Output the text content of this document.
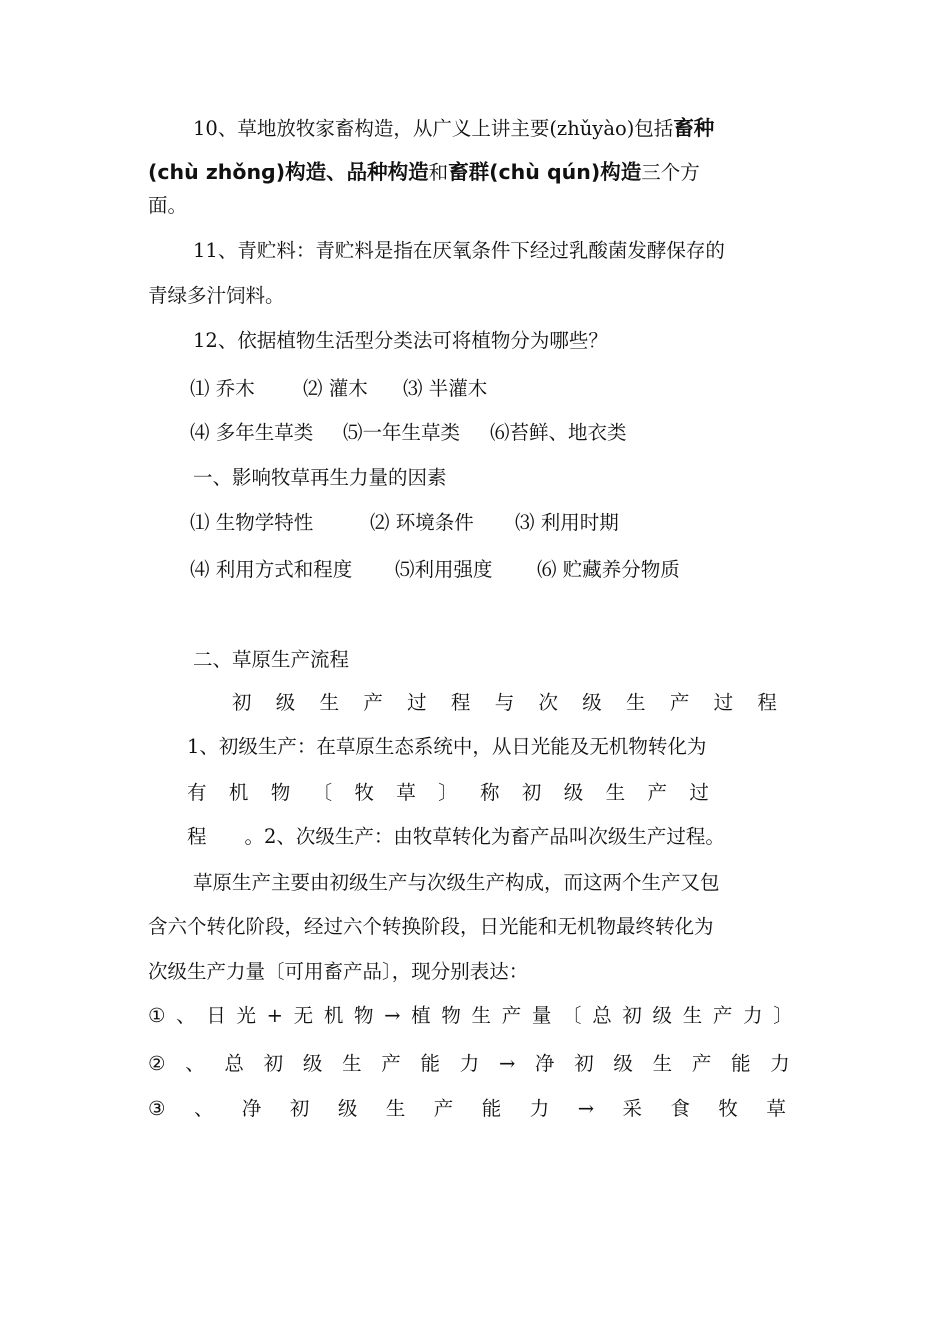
10、草地放牧家畜构造，从广义上讲主要(zhǔyào)包括畜种
(chù zhǒnɡ)构造、品种构造和畜群(chù qún)构造三个方
面。
11、青贮料：青贮料是指在厌氧条件下经过乳酸菌发酵保存的
青绿多汁饲料。
12、依据植物生活型分类法可将植物分为哪些？
⑴ 乔木 ⑵ 灌木 ⑶ 半灌木
⑷ 多年生草类 ⑸一年生草类 ⑹苔鲜、地衣类
一、影响牧草再生力量的因素
⑴ 生物学特性	⑵ 环境条件 ⑶ 利用时期
⑷ 利用方式和程度 ⑸利用强度 ⑹ 贮藏养分物质
二、草原生产流程
初 级 生 产 过 程 与 次 级 生 产 过 程
1、初级生产：在草原生态系统中，从日光能及无机物转化为
有 机 物 〔 牧 草 〕 称 初 级 生 产 过
程 。2、次级生产：由牧草转化为畜产品叫次级生产过程。
草原生产主要由初级生产与次级生产构成，而这两个生产又包
含六个转化阶段，经过六个转换阶段，日光能和无机物最终转化为
次级生产力量〔可用畜产品〕，现分别表达：
① 、 日 光 + 无 机 物 → 植 物 生 产 量 〔 总 初 级 生 产 力 〕
② 、 总 初 级 生 产 能 力 → 净 初 级 生 产 能 力
③ 、 净 初 级 生 产 能 力 → 采 食 牧 草
